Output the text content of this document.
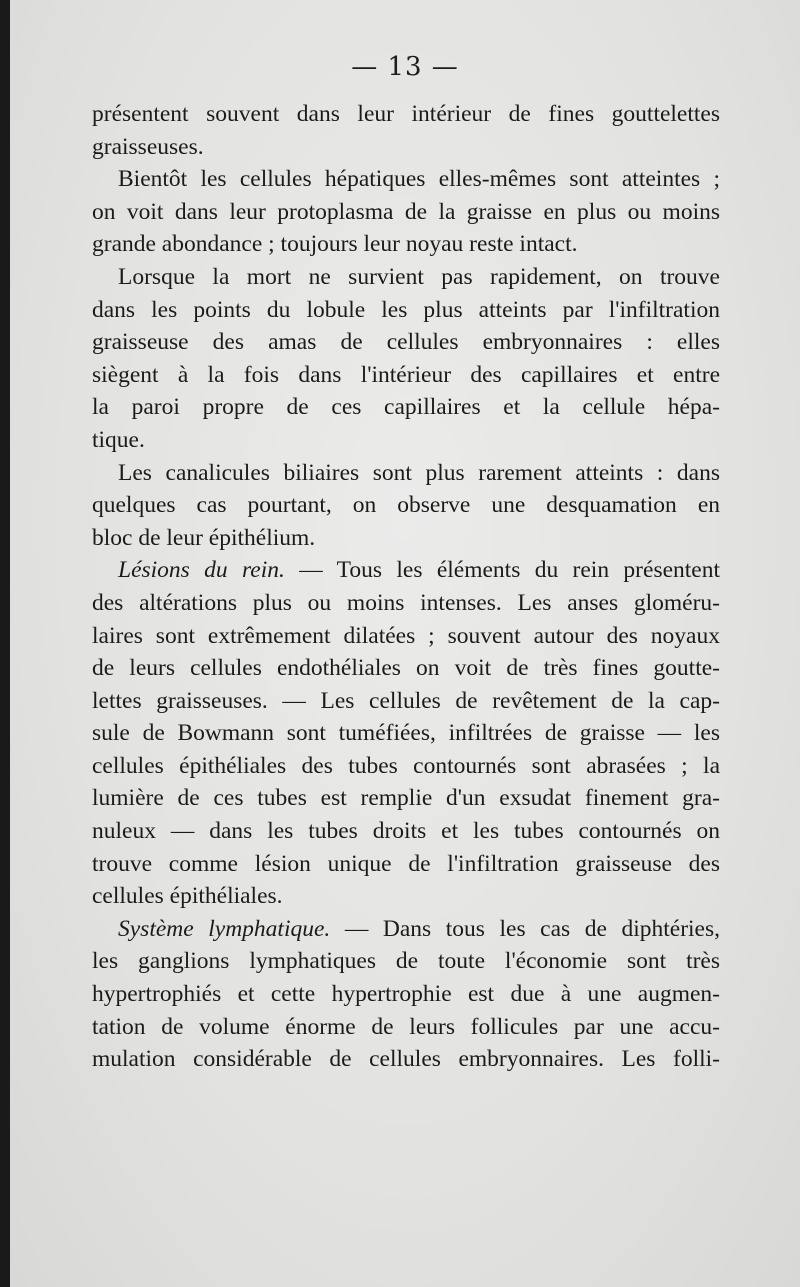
— 13 —
présentent souvent dans leur intérieur de fines gouttelettes
graisseuses.
Bientôt les cellules hépatiques elles-mêmes sont atteintes ;
on voit dans leur protoplasma de la graisse en plus ou moins
grande abondance ; toujours leur noyau reste intact.
Lorsque la mort ne survient pas rapidement, on trouve
dans les points du lobule les plus atteints par l'infiltration
graisseuse des amas de cellules embryonnaires : elles
siègent à la fois dans l'intérieur des capillaires et entre
la paroi propre de ces capillaires et la cellule hépa-
tique.
Les canalicules biliaires sont plus rarement atteints : dans
quelques cas pourtant, on observe une desquamation en
bloc de leur épithélium.
Lésions du rein. — Tous les éléments du rein présentent
des altérations plus ou moins intenses. Les anses gloméru-
laires sont extrêmement dilatées ; souvent autour des noyaux
de leurs cellules endothéliales on voit de très fines goutte-
lettes graisseuses. — Les cellules de revêtement de la cap-
sule de Bowmann sont tuméfiées, infiltrées de graisse — les
cellules épithéliales des tubes contournés sont abrasées ; la
lumière de ces tubes est remplie d'un exsudat finement gra-
nuleux — dans les tubes droits et les tubes contournés on
trouve comme lésion unique de l'infiltration graisseuse des
cellules épithéliales.
Système lymphatique. — Dans tous les cas de diphtéries,
les ganglions lymphatiques de toute l'économie sont très
hypertrophiés et cette hypertrophie est due à une augmen-
tation de volume énorme de leurs follicules par une accu-
mulation considérable de cellules embryonnaires. Les folli-
